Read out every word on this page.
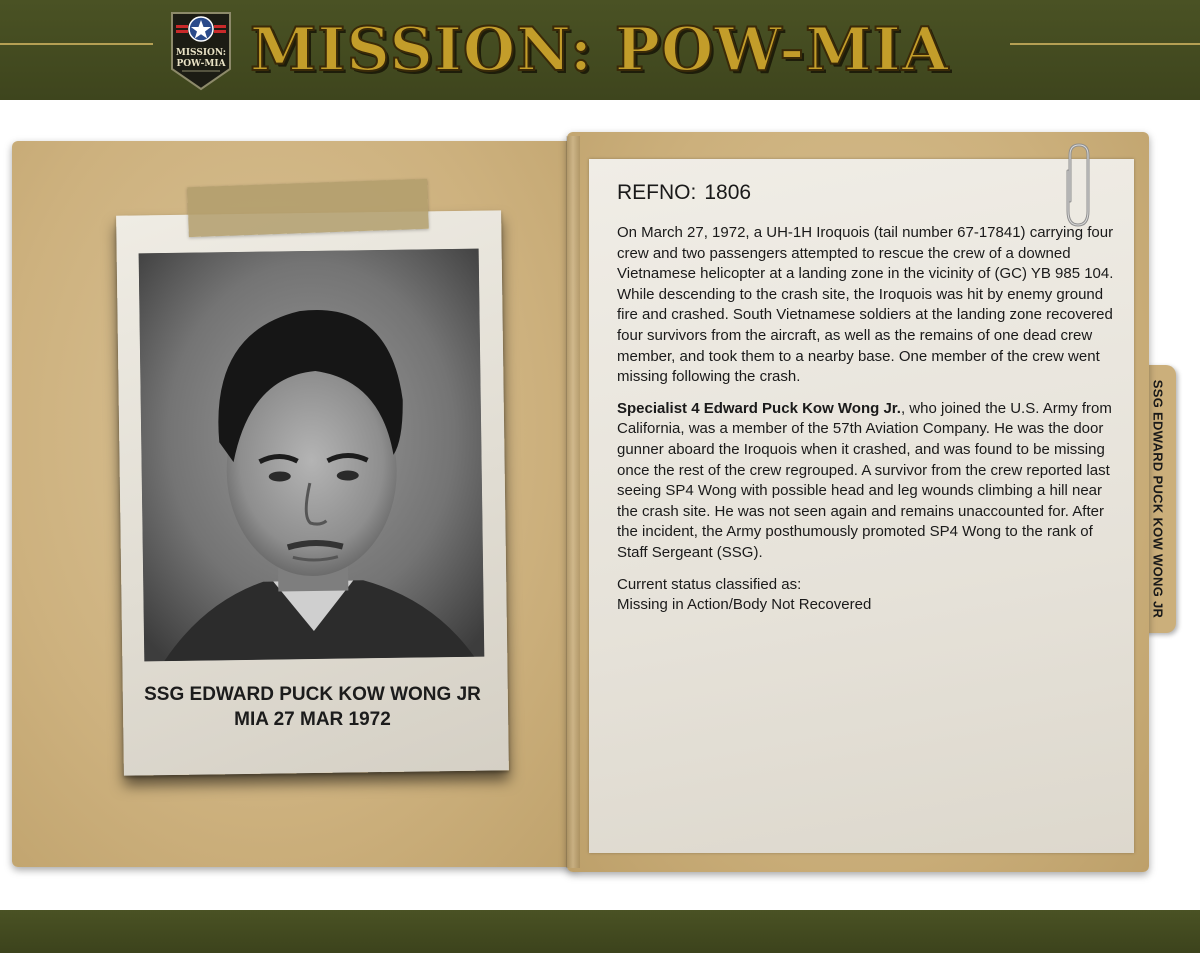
MISSION:
POW-MIA MISSION: POW-MIA
SSG EDWARD PUCK KOW WONG JR
SSG EDWARD PUCK KOW WONG JR
MIA 27 MAR 1972
REFNO: 1806

On March 27, 1972, a UH-1H Iroquois (tail number 67-17841) carrying four crew and two passengers attempted to rescue the crew of a downed Vietnamese helicopter at a landing zone in the vicinity of (GC) YB 985 104. While descending to the crash site, the Iroquois was hit by enemy ground fire and crashed. South Vietnamese soldiers at the landing zone recovered four survivors from the aircraft, as well as the remains of one dead crew member, and took them to a nearby base. One member of the crew went missing following the crash.

Specialist 4 Edward Puck Kow Wong Jr., who joined the U.S. Army from California, was a member of the 57th Aviation Company. He was the door gunner aboard the Iroquois when it crashed, and was found to be missing once the rest of the crew regrouped. A survivor from the crew reported last seeing SP4 Wong with possible head and leg wounds climbing a hill near the crash site. He was not seen again and remains unaccounted for. After the incident, the Army posthumously promoted SP4 Wong to the rank of Staff Sergeant (SSG).

Current status classified as:
Missing in Action/Body Not Recovered
